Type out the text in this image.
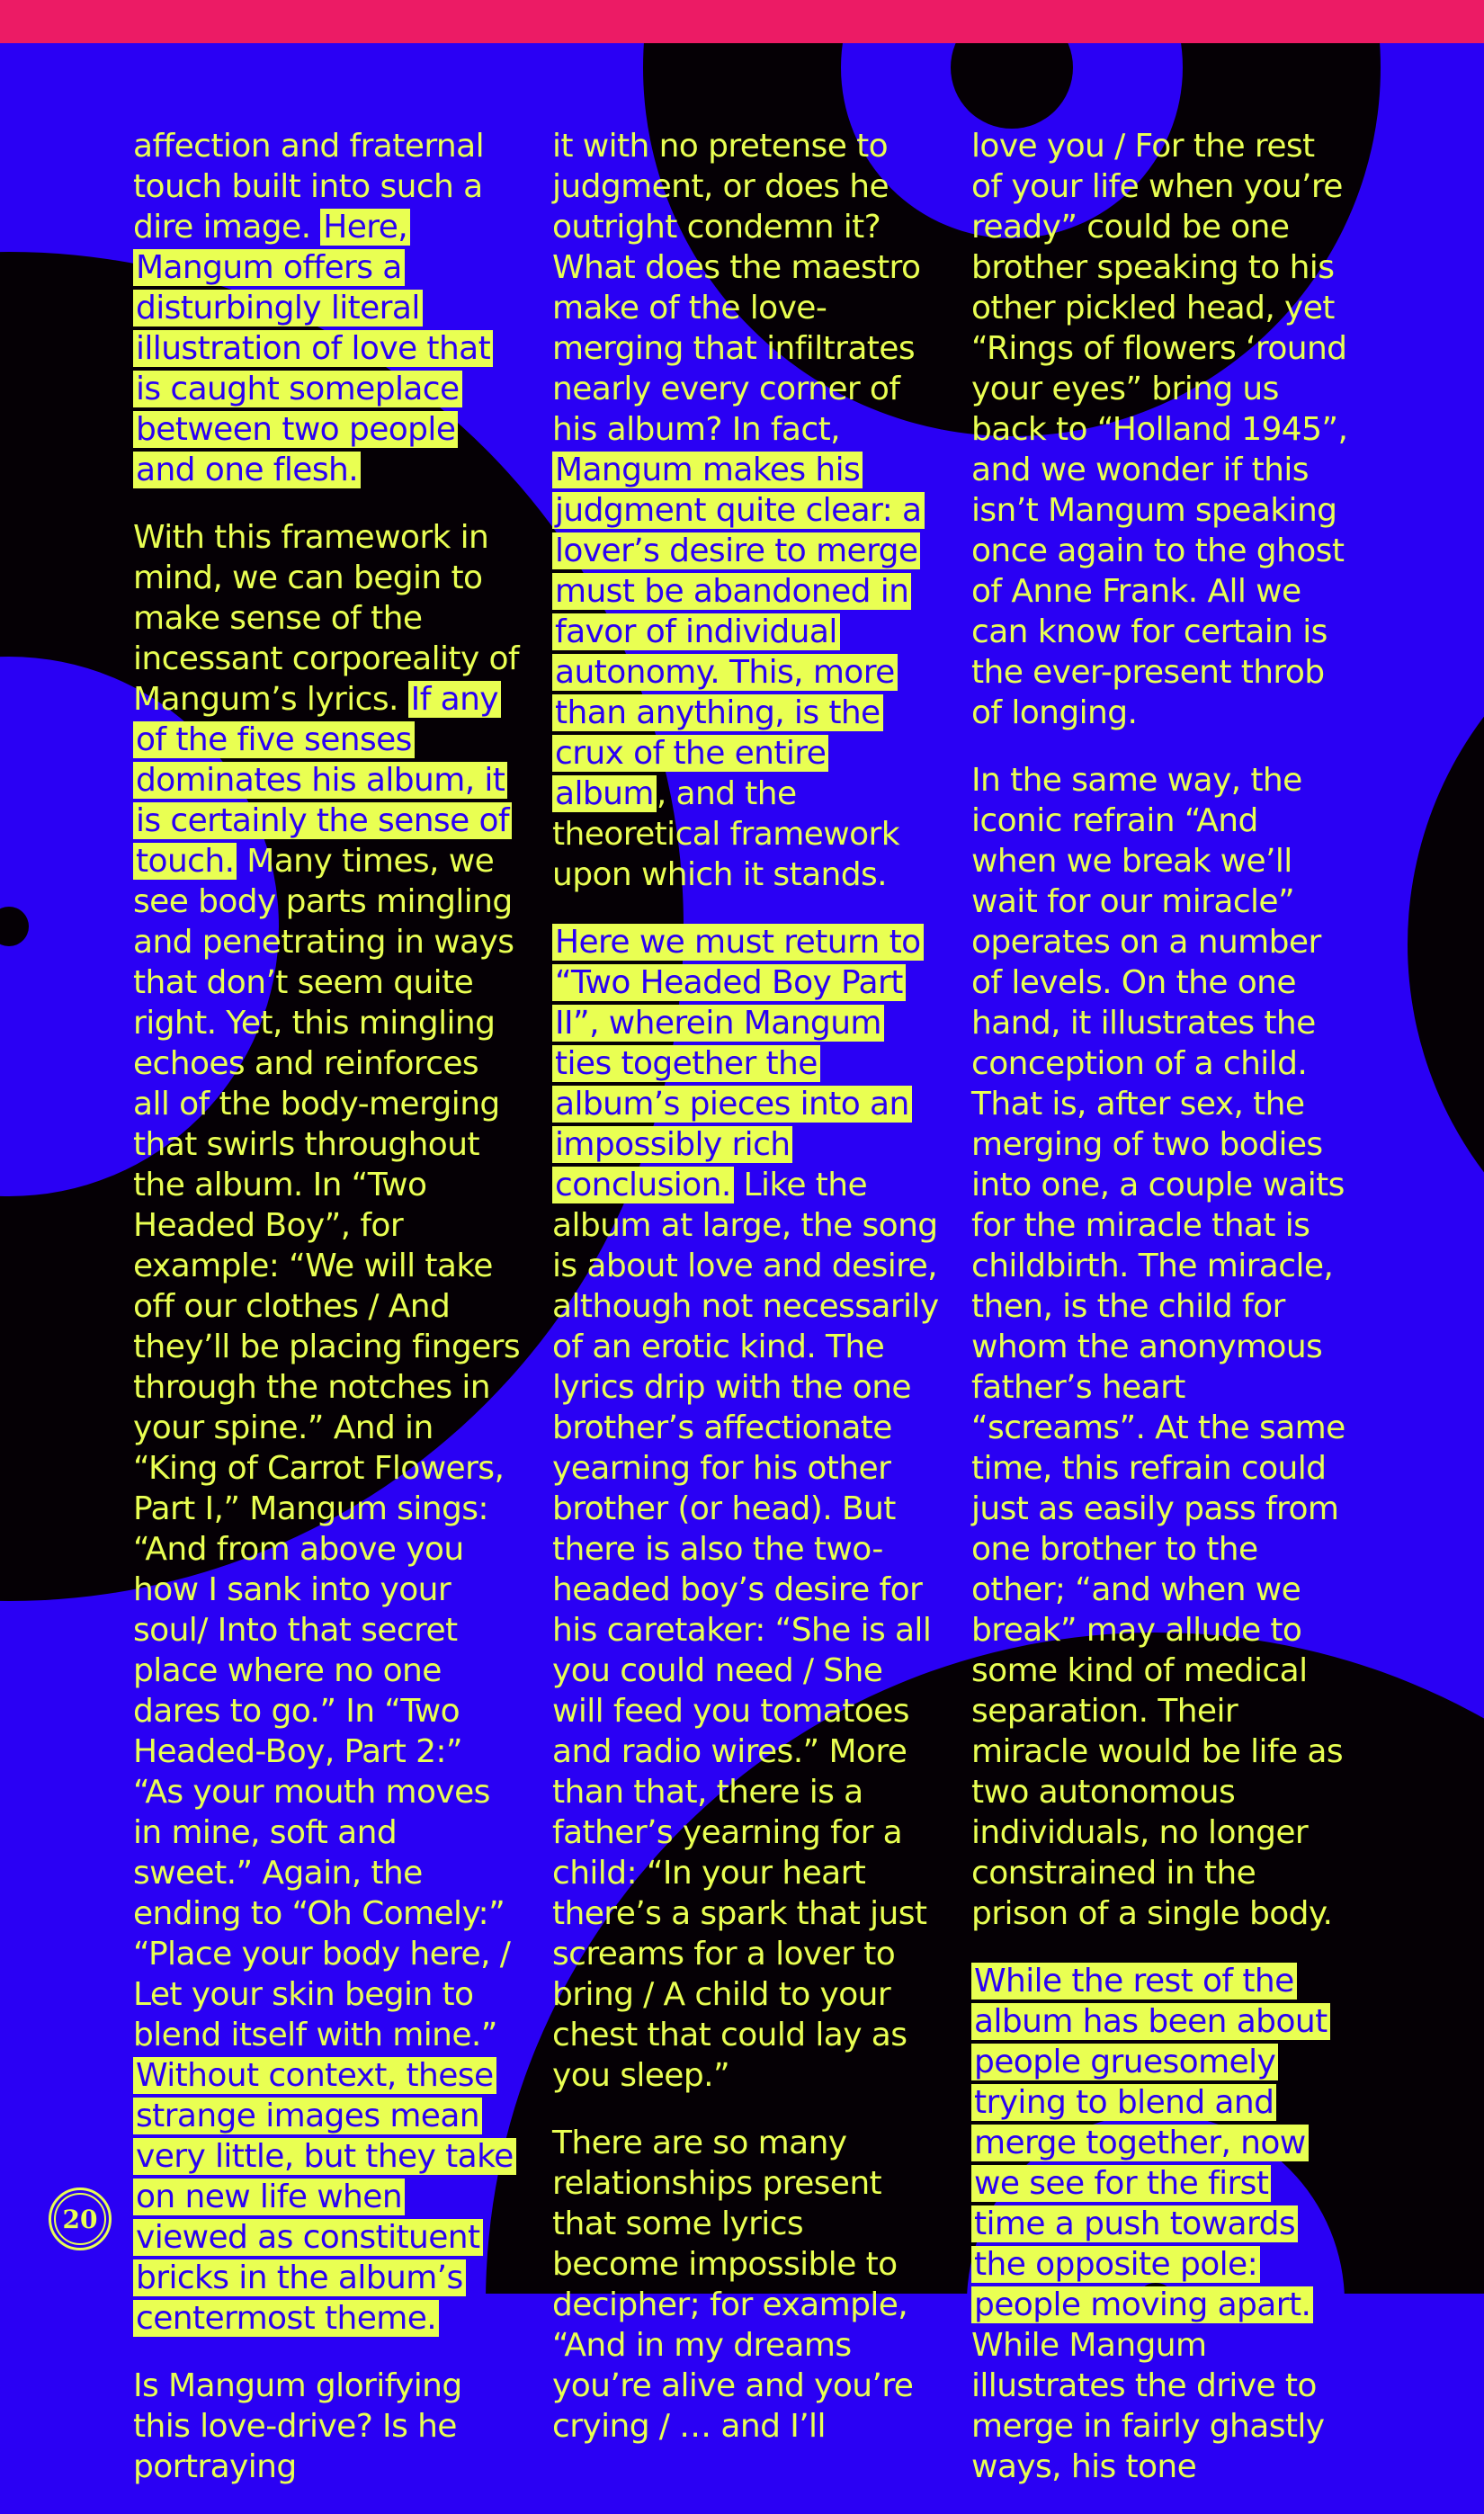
affection and fraternal touch built into such a dire image. Here, Mangum offers a disturbingly literal illustration of love that is caught someplace between two people and one flesh.

With this framework in mind, we can begin to make sense of the incessant corporeality of Mangum’s lyrics. If any of the five senses dominates his album, it is certainly the sense of touch. Many times, we see body parts mingling and penetrating in ways that don’t seem quite right. Yet, this mingling echoes and reinforces all of the body-merging that swirls throughout the album. In “Two Headed Boy”, for example: “We will take off our clothes / And they’ll be placing fingers through the notches in your spine.” And in “King of Carrot Flowers, Part I,” Mangum sings: “And from above you how I sank into your soul/ Into that secret place where no one dares to go.” In “Two Headed-Boy, Part 2:” “As your mouth moves in mine, soft and sweet.” Again, the ending to “Oh Comely:” “Place your body here, / Let your skin begin to blend itself with mine.” Without context, these strange images mean very little, but they take on new life when viewed as constituent bricks in the album’s centermost theme.

Is Mangum glorifying this love-drive? Is he portraying

it with no pretense to judgment, or does he outright condemn it? What does the maestro make of the love-merging that infiltrates nearly every corner of his album? In fact, Mangum makes his judgment quite clear: a lover’s desire to merge must be abandoned in favor of individual autonomy. This, more than anything, is the crux of the entire album, and the theoretical framework upon which it stands.

Here we must return to “Two Headed Boy Part II”, wherein Mangum ties together the album’s pieces into an impossibly rich conclusion. Like the album at large, the song is about love and desire, although not necessarily of an erotic kind. The lyrics drip with the one brother’s affectionate yearning for his other brother (or head). But there is also the two-headed boy’s desire for his caretaker: “She is all you could need / She will feed you tomatoes and radio wires.” More than that, there is a father’s yearning for a child: “In your heart there’s a spark that just screams for a lover to bring / A child to your chest that could lay as you sleep.”

There are so many relationships present that some lyrics become impossible to decipher; for example, “And in my dreams you’re alive and you’re crying / … and I’ll

love you / For the rest of your life when you’re ready” could be one brother speaking to his other pickled head, yet “Rings of flowers ‘round your eyes” bring us back to “Holland 1945”, and we wonder if this isn’t Mangum speaking once again to the ghost of Anne Frank. All we can know for certain is the ever-present throb of longing.

In the same way, the iconic refrain “And when we break we’ll wait for our miracle” operates on a number of levels. On the one hand, it illustrates the conception of a child. That is, after sex, the merging of two bodies into one, a couple waits for the miracle that is childbirth. The miracle, then, is the child for whom the anonymous father’s heart “screams”. At the same time, this refrain could just as easily pass from one brother to the other; “and when we break” may allude to some kind of medical separation. Their miracle would be life as two autonomous individuals, no longer constrained in the prison of a single body.

While the rest of the album has been about people gruesomely trying to blend and merge together, now we see for the first time a push towards the opposite pole: people moving apart. While Mangum illustrates the drive to merge in fairly ghastly ways, his tone

20
